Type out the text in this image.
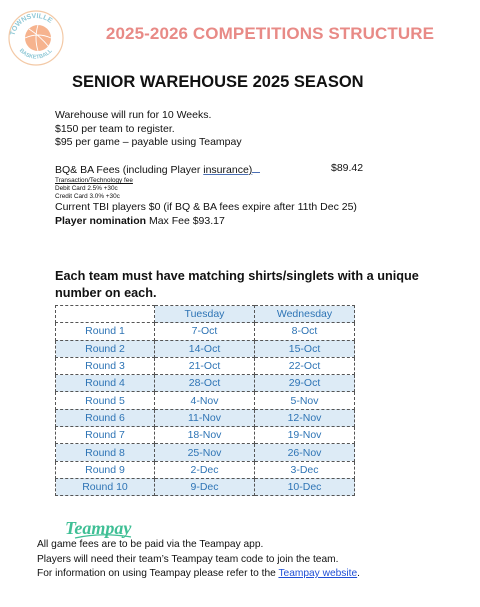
TOWNSVILLE
BASKETBALL
2025-2026 COMPETITIONS STRUCTURE
SENIOR WAREHOUSE 2025 SEASON
Warehouse will run for 10 Weeks.
$150 per team to register.
$95 per game – payable using Teampay
BQ& BA Fees (including Player insurance)	$89.42
Transaction/Technology fee
Debit Card 2.5% +30c
Credit Card 3.0% +30c
Current TBI players $0 (if BQ & BA fees expire after 11th Dec 25)
Player nomination Max Fee $93.17
Each team must have matching shirts/singlets with a unique number on each.
	Tuesday	Wednesday
Round 1	7-Oct	8-Oct
Round 2	14-Oct	15-Oct
Round 3	21-Oct	22-Oct
Round 4	28-Oct	29-Oct
Round 5	4-Nov	5-Nov
Round 6	11-Nov	12-Nov
Round 7	18-Nov	19-Nov
Round 8	25-Nov	26-Nov
Round 9	2-Dec	3-Dec
Round 10	9-Dec	10-Dec
Teampay
All game fees are to be paid via the Teampay app.
Players will need their team’s Teampay team code to join the team.
For information on using Teampay please refer to the Teampay website.
